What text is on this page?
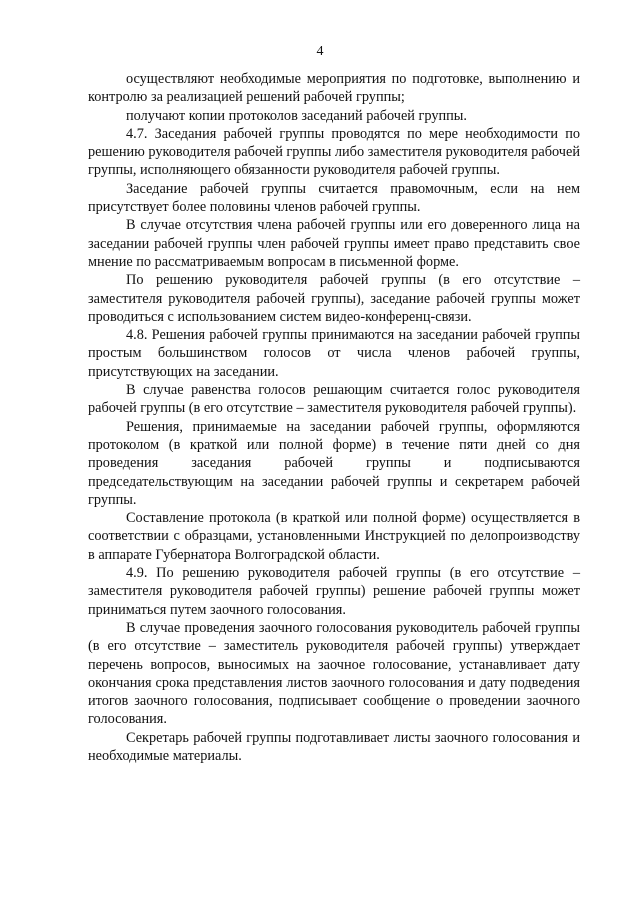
4

осуществляют необходимые мероприятия по подготовке, выполнению и контролю за реализацией решений рабочей группы;

получают копии протоколов заседаний рабочей группы.

4.7. Заседания рабочей группы проводятся по мере необходимости по решению руководителя рабочей группы либо заместителя руководителя рабочей группы, исполняющего обязанности руководителя рабочей группы.

Заседание рабочей группы считается правомочным, если на нем присутствует более половины членов рабочей группы.

В случае отсутствия члена рабочей группы или его доверенного лица на заседании рабочей группы член рабочей группы имеет право представить свое мнение по рассматриваемым вопросам в письменной форме.

По решению руководителя рабочей группы (в его отсутствие – заместителя руководителя рабочей группы), заседание рабочей группы может проводиться с использованием систем видео-конференц-связи.

4.8. Решения рабочей группы принимаются на заседании рабочей группы простым большинством голосов от числа членов рабочей группы, присутствующих на заседании.

В случае равенства голосов решающим считается голос руководителя рабочей группы (в его отсутствие – заместителя руководителя рабочей группы).

Решения, принимаемые на заседании рабочей группы, оформляются протоколом (в краткой или полной форме) в течение пяти дней со дня проведения заседания рабочей группы и подписываются председательствующим на заседании рабочей группы и секретарем рабочей группы.

Составление протокола (в краткой или полной форме) осуществляется в соответствии с образцами, установленными Инструкцией по делопроизводству в аппарате Губернатора Волгоградской области.

4.9. По решению руководителя рабочей группы (в его отсутствие – заместителя руководителя рабочей группы) решение рабочей группы может приниматься путем заочного голосования.

В случае проведения заочного голосования руководитель рабочей группы (в его отсутствие – заместитель руководителя рабочей группы) утверждает перечень вопросов, выносимых на заочное голосование, устанавливает дату окончания срока представления листов заочного голосования и дату подведения итогов заочного голосования, подписывает сообщение о проведении заочного голосования.

Секретарь рабочей группы подготавливает листы заочного голосования и необходимые материалы.
